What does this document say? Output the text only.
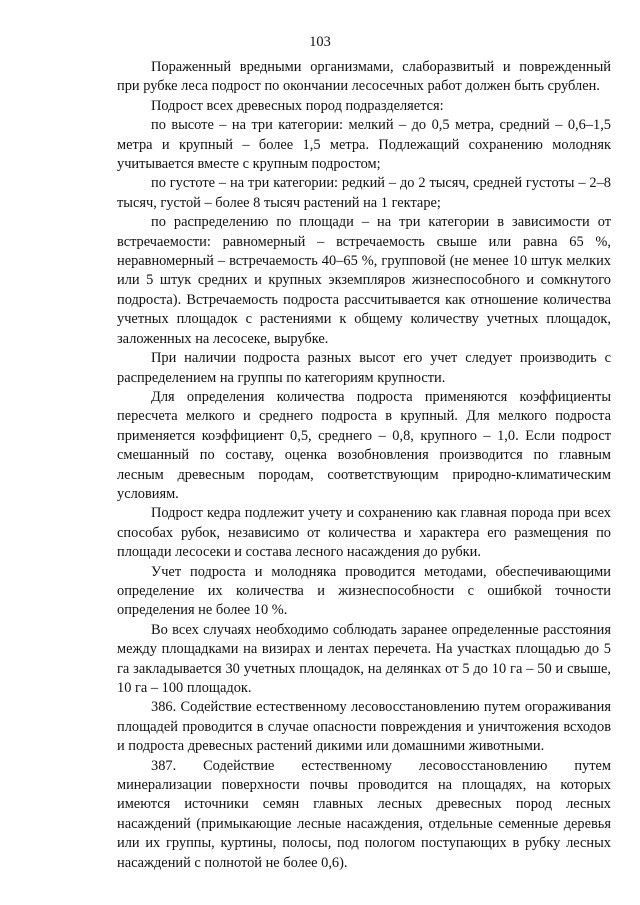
103

Пораженный вредными организмами, слаборазвитый и поврежденный при рубке леса подрост по окончании лесосечных работ должен быть срублен.

Подрост всех древесных пород подразделяется:

по высоте – на три категории: мелкий – до 0,5 метра, средний – 0,6–1,5 метра и крупный – более 1,5 метра. Подлежащий сохранению молодняк учитывается вместе с крупным подростом;

по густоте – на три категории: редкий – до 2 тысяч, средней густоты – 2–8 тысяч, густой – более 8 тысяч растений на 1 гектаре;

по распределению по площади – на три категории в зависимости от встречаемости: равномерный – встречаемость свыше или равна 65 %, неравномерный – встречаемость 40–65 %, групповой (не менее 10 штук мелких или 5 штук средних и крупных экземпляров жизнеспособного и сомкнутого подроста). Встречаемость подроста рассчитывается как отношение количества учетных площадок с растениями к общему количеству учетных площадок, заложенных на лесосеке, вырубке.

При наличии подроста разных высот его учет следует производить с распределением на группы по категориям крупности.

Для определения количества подроста применяются коэффициенты пересчета мелкого и среднего подроста в крупный. Для мелкого подроста применяется коэффициент 0,5, среднего – 0,8, крупного – 1,0. Если подрост смешанный по составу, оценка возобновления производится по главным лесным древесным породам, соответствующим природно-климатическим условиям.

Подрост кедра подлежит учету и сохранению как главная порода при всех способах рубок, независимо от количества и характера его размещения по площади лесосеки и состава лесного насаждения до рубки.

Учет подроста и молодняка проводится методами, обеспечивающими определение их количества и жизнеспособности с ошибкой точности определения не более 10 %.

Во всех случаях необходимо соблюдать заранее определенные расстояния между площадками на визирах и лентах перечета. На участках площадью до 5 га закладывается 30 учетных площадок, на делянках от 5 до 10 га – 50 и свыше, 10 га – 100 площадок.

386. Содействие естественному лесовосстановлению путем огораживания площадей проводится в случае опасности повреждения и уничтожения всходов и подроста древесных растений дикими или домашними животными.

387. Содействие естественному лесовосстановлению путем минерализации поверхности почвы проводится на площадях, на которых имеются источники семян главных лесных древесных пород лесных насаждений (примыкающие лесные насаждения, отдельные семенные деревья или их группы, куртины, полосы, под пологом поступающих в рубку лесных насаждений с полнотой не более 0,6).
